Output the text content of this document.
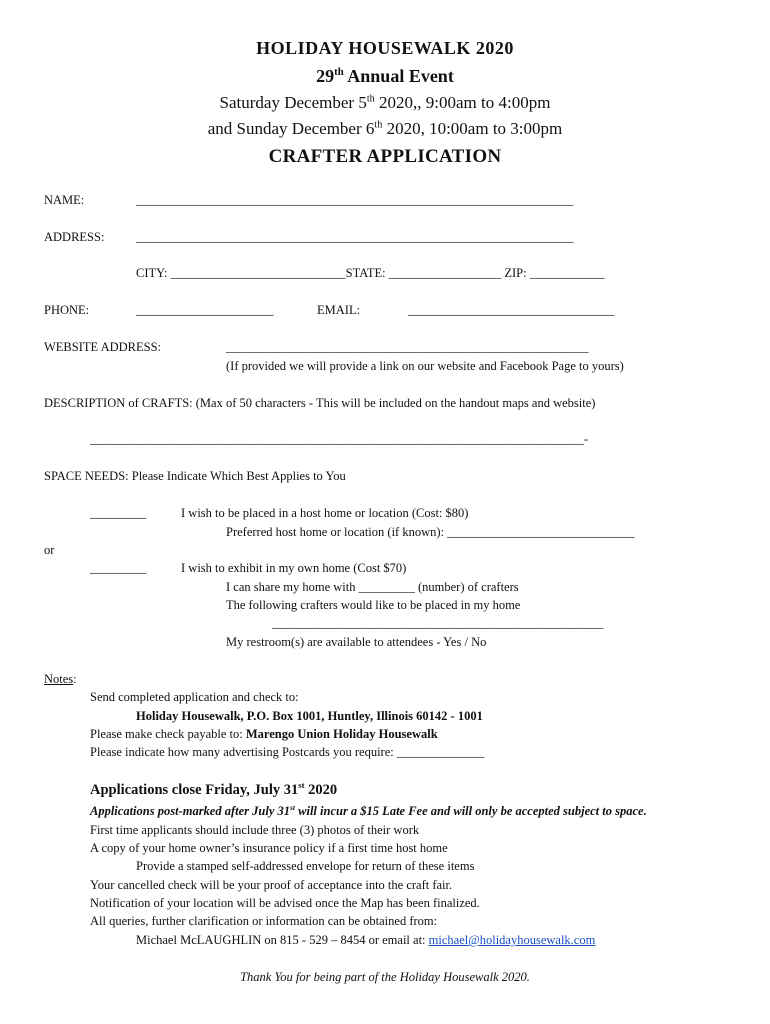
HOLIDAY HOUSEWALK 2020
29th Annual Event
Saturday December 5th 2020,, 9:00am to 4:00pm
and Sunday December 6th 2020, 10:00am to 3:00pm
CRAFTER APPLICATION
NAME:	______________________________________________________________________
ADDRESS:	______________________________________________________________________
CITY: ____________________________STATE: __________________ ZIP: ____________
PHONE:	______________________	EMAIL:	_________________________________
WEBSITE ADDRESS:	__________________________________________________________
(If provided we will provide a link on our website and Facebook Page to yours)
DESCRIPTION of CRAFTS: (Max of 50 characters - This will be included on the handout maps and website)
_______________________________________________________________________________-
SPACE NEEDS: Please Indicate Which Best Applies to You
_________	I wish to be placed in a host home or location (Cost: $80)
Preferred host home or location (if known): ______________________________
or
_________	I wish to exhibit in my own home (Cost $70)
I can share my home with _________ (number) of crafters
The following crafters would like to be placed in my home
_____________________________________________________
My restroom(s) are available to attendees - Yes / No
Notes:
Send completed application and check to:
Holiday Housewalk, P.O. Box 1001, Huntley, Illinois 60142 - 1001
Please make check payable to: Marengo Union Holiday Housewalk
Please indicate how many advertising Postcards you require: ______________
Applications close Friday, July 31st 2020
Applications post-marked after July 31st will incur a $15 Late Fee and will only be accepted subject to space.
First time applicants should include three (3) photos of their work
A copy of your home owner’s insurance policy if a first time host home
Provide a stamped self-addressed envelope for return of these items
Your cancelled check will be your proof of acceptance into the craft fair.
Notification of your location will be advised once the Map has been finalized.
All queries, further clarification or information can be obtained from:
Michael McLAUGHLIN on 815 - 529 – 8454 or email at: michael@holidayhousewalk.com
Thank You for being part of the Holiday Housewalk 2020.
